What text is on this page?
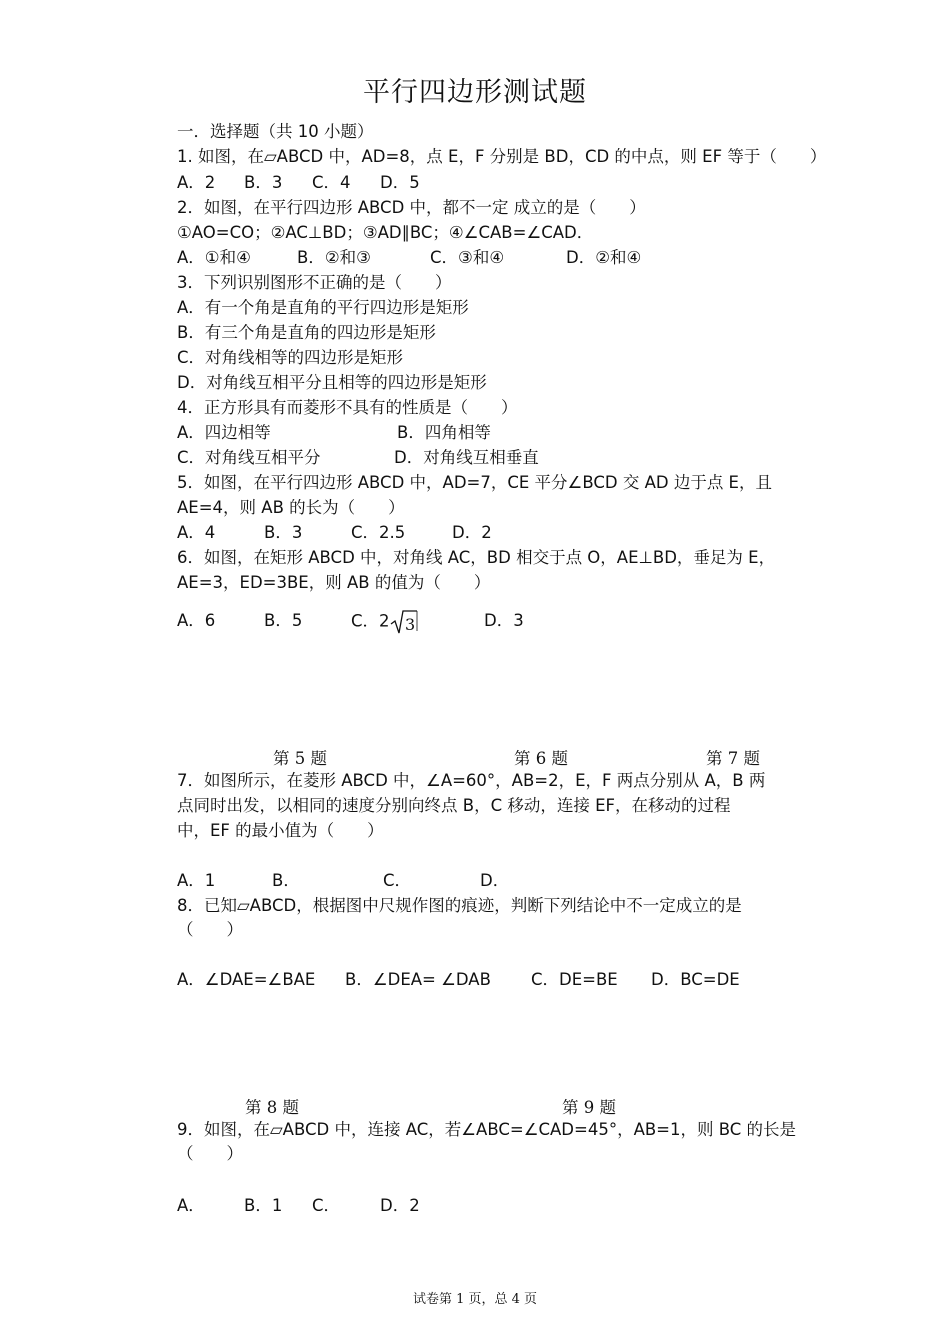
平行四边形测试题
一．选择题（共 10 小题）
1. 如图，在▱ABCD 中，AD=8，点 E，F 分别是 BD，CD 的中点，则 EF 等于（　　）
A．2 B．3 C．4 D．5
2．如图，在平行四边形 ABCD 中，都不一定 成立的是（　　）
①AO=CO；②AC⊥BD；③AD∥BC；④∠CAB=∠CAD．
A．①和④	B．②和③	C．③和④	D．②和④
3．下列识别图形不正确的是（　　）
A．有一个角是直角的平行四边形是矩形
B．有三个角是直角的四边形是矩形
C．对角线相等的四边形是矩形
D．对角线互相平分且相等的四边形是矩形
4．正方形具有而菱形不具有的性质是（　　）
A．四边相等	B．四角相等
C．对角线互相平分	D．对角线互相垂直
5．如图，在平行四边形 ABCD 中，AD=7，CE 平分∠BCD 交 AD 边于点 E，且
AE=4，则 AB 的长为（　　）
A．4	B．3	C．2.5	D．2
6．如图，在矩形 ABCD 中，对角线 AC，BD 相交于点 O，AE⊥BD，垂足为 E，
AE=3，ED=3BE，则 AB 的值为（　　）
A．6	B．5	C．2 3	D．3
第 5 题	第 6 题	第 7 题
7．如图所示，在菱形 ABCD 中，∠A=60°，AB=2，E，F 两点分别从 A，B 两
点同时出发，以相同的速度分别向终点 B，C 移动，连接 EF，在移动的过程
中，EF 的最小值为（　　）
A．1	B．	C．	D．
8．已知▱ABCD，根据图中尺规作图的痕迹，判断下列结论中不一定成立的是
（　　）
A．∠DAE=∠BAE B．∠DEA= ∠DAB C．DE=BE D．BC=DE
第 8 题	第 9 题
9．如图，在▱ABCD 中，连接 AC，若∠ABC=∠CAD=45°，AB=1，则 BC 的长是
（　　）
A． B．1 C． D．2
试卷第 1 页，总 4 页
